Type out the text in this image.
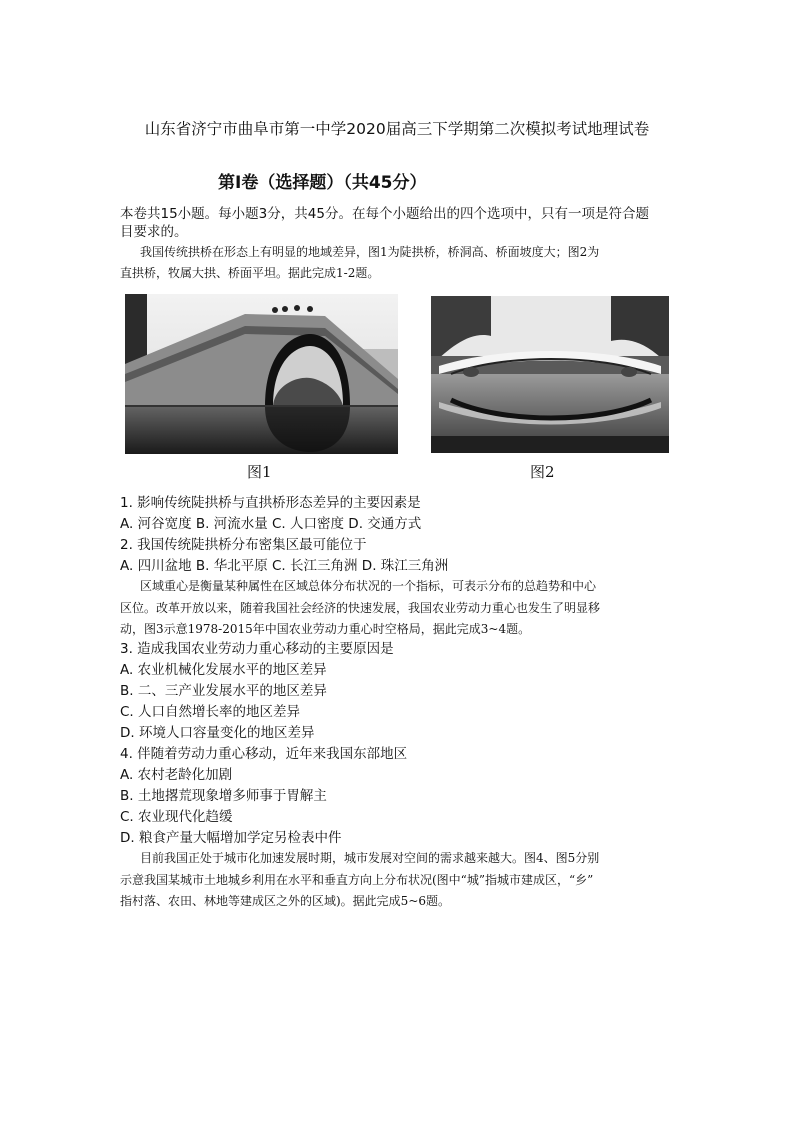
山东省济宁市曲阜市第一中学2020届高三下学期第二次模拟考试地理试卷
第Ⅰ卷（选择题）（共45分）
本卷共15小题。每小题3分，共45分。在每个小题给出的四个选项中，只有一项是符合题
目要求的。
我国传统拱桥在形态上有明显的地域差异，图1为陡拱桥，桥洞高、桥面坡度大；图2为
直拱桥，牧属大拱、桥面平坦。据此完成1-2题。
图1	图2
1. 影响传统陡拱桥与直拱桥形态差异的主要因素是
A. 河谷宽度 B. 河流水量 C. 人口密度 D. 交通方式
2. 我国传统陡拱桥分布密集区最可能位于
A. 四川盆地 B. 华北平原 C. 长江三角洲 D. 珠江三角洲
区域重心是衡量某种属性在区域总体分布状况的一个指标，可表示分布的总趋势和中心
区位。改革开放以来，随着我国社会经济的快速发展，我国农业劳动力重心也发生了明显移
动，图3示意1978-2015年中国农业劳动力重心时空格局，据此完成3~4题。
3. 造成我国农业劳动力重心移动的主要原因是
A. 农业机械化发展水平的地区差异
B. 二、三产业发展水平的地区差异
C. 人口自然增长率的地区差异
D. 环境人口容量变化的地区差异
4. 伴随着劳动力重心移动，近年来我国东部地区
A. 农村老龄化加剧
B. 土地撂荒现象增多师事于胃解主
C. 农业现代化趋缓
D. 粮食产量大幅增加学定另检表中件
目前我国正处于城市化加速发展时期，城市发展对空间的需求越来越大。图4、图5分别
示意我国某城市土地城乡利用在水平和垂直方向上分布状况(图中“城”指城市建成区，“乡”
指村落、农田、林地等建成区之外的区域)。据此完成5~6题。
